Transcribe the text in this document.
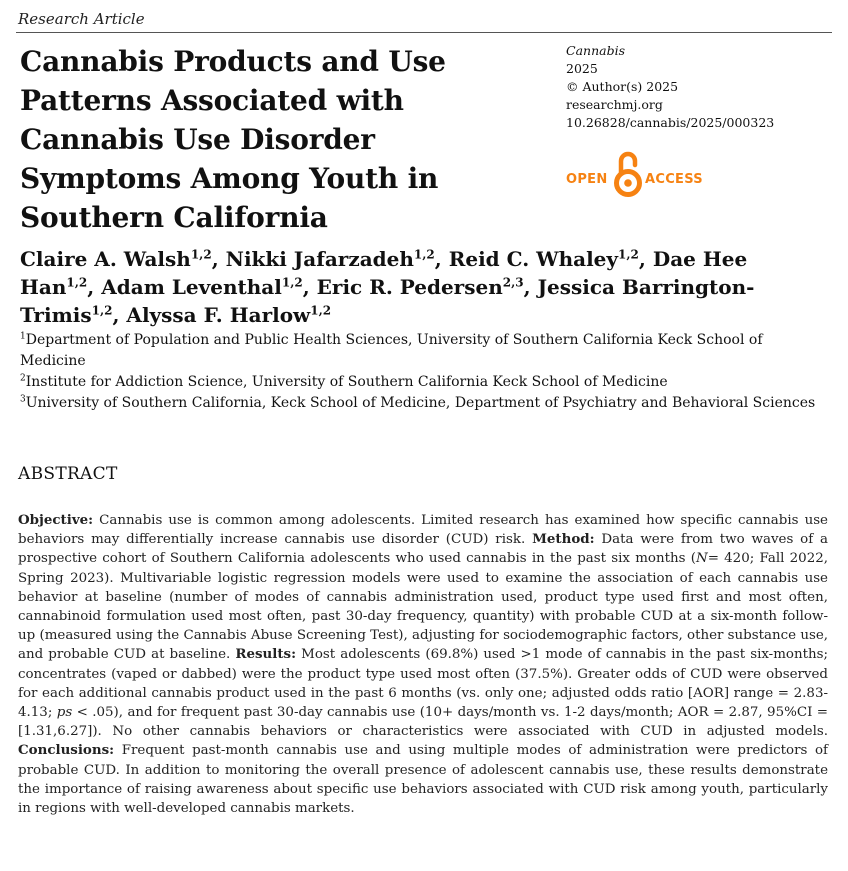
Research Article
Cannabis Products and Use Patterns Associated with Cannabis Use Disorder Symptoms Among Youth in Southern California
Cannabis
2025
© Author(s) 2025
researchmj.org
10.26828/cannabis/2025/000323
OPEN	ACCESS

Claire A. Walsh$^{1,2}$, Nikki Jafarzadeh$^{1,2}$, Reid C. Whaley$^{1,2}$, Dae Hee Han$^{1,2}$, Adam Leventhal$^{1,2}$, Eric R. Pedersen$^{2,3}$, Jessica Barrington-Trimis$^{1,2}$, Alyssa F. Harlow$^{1,2}$

$^1$Department of Population and Public Health Sciences, University of Southern California Keck School of Medicine

$^2$Institute for Addiction Science, University of Southern California Keck School of Medicine

$^3$University of Southern California, Keck School of Medicine, Department of Psychiatry and Behavioral Sciences

ABSTRACT

Objective: Cannabis use is common among adolescents. Limited research has examined how specific cannabis use behaviors may differentially increase cannabis use disorder (CUD) risk. Method: Data were from two waves of a prospective cohort of Southern California adolescents who used cannabis in the past six months (N= 420; Fall 2022, Spring 2023). Multivariable logistic regression models were used to examine the association of each cannabis use behavior at baseline (number of modes of cannabis administration used, product type used first and most often, cannabinoid formulation used most often, past 30-day frequency, quantity) with probable CUD at a six-month follow-up (measured using the Cannabis Abuse Screening Test), adjusting for sociodemographic factors, other substance use, and probable CUD at baseline. Results: Most adolescents (69.8%) used >1 mode of cannabis in the past six-months; concentrates (vaped or dabbed) were the product type used most often (37.5%). Greater odds of CUD were observed for each additional cannabis product used in the past 6 months (vs. only one; adjusted odds ratio [AOR] range = 2.83-4.13; ps < .05), and for frequent past 30-day cannabis use (10+ days/month vs. 1-2 days/month; AOR = 2.87, 95%CI = [1.31,6.27]). No other cannabis behaviors or characteristics were associated with CUD in adjusted models. Conclusions: Frequent past-month cannabis use and using multiple modes of administration were predictors of probable CUD. In addition to monitoring the overall presence of adolescent cannabis use, these results demonstrate the importance of raising awareness about specific use behaviors associated with CUD risk among youth, particularly in regions with well-developed cannabis markets.
